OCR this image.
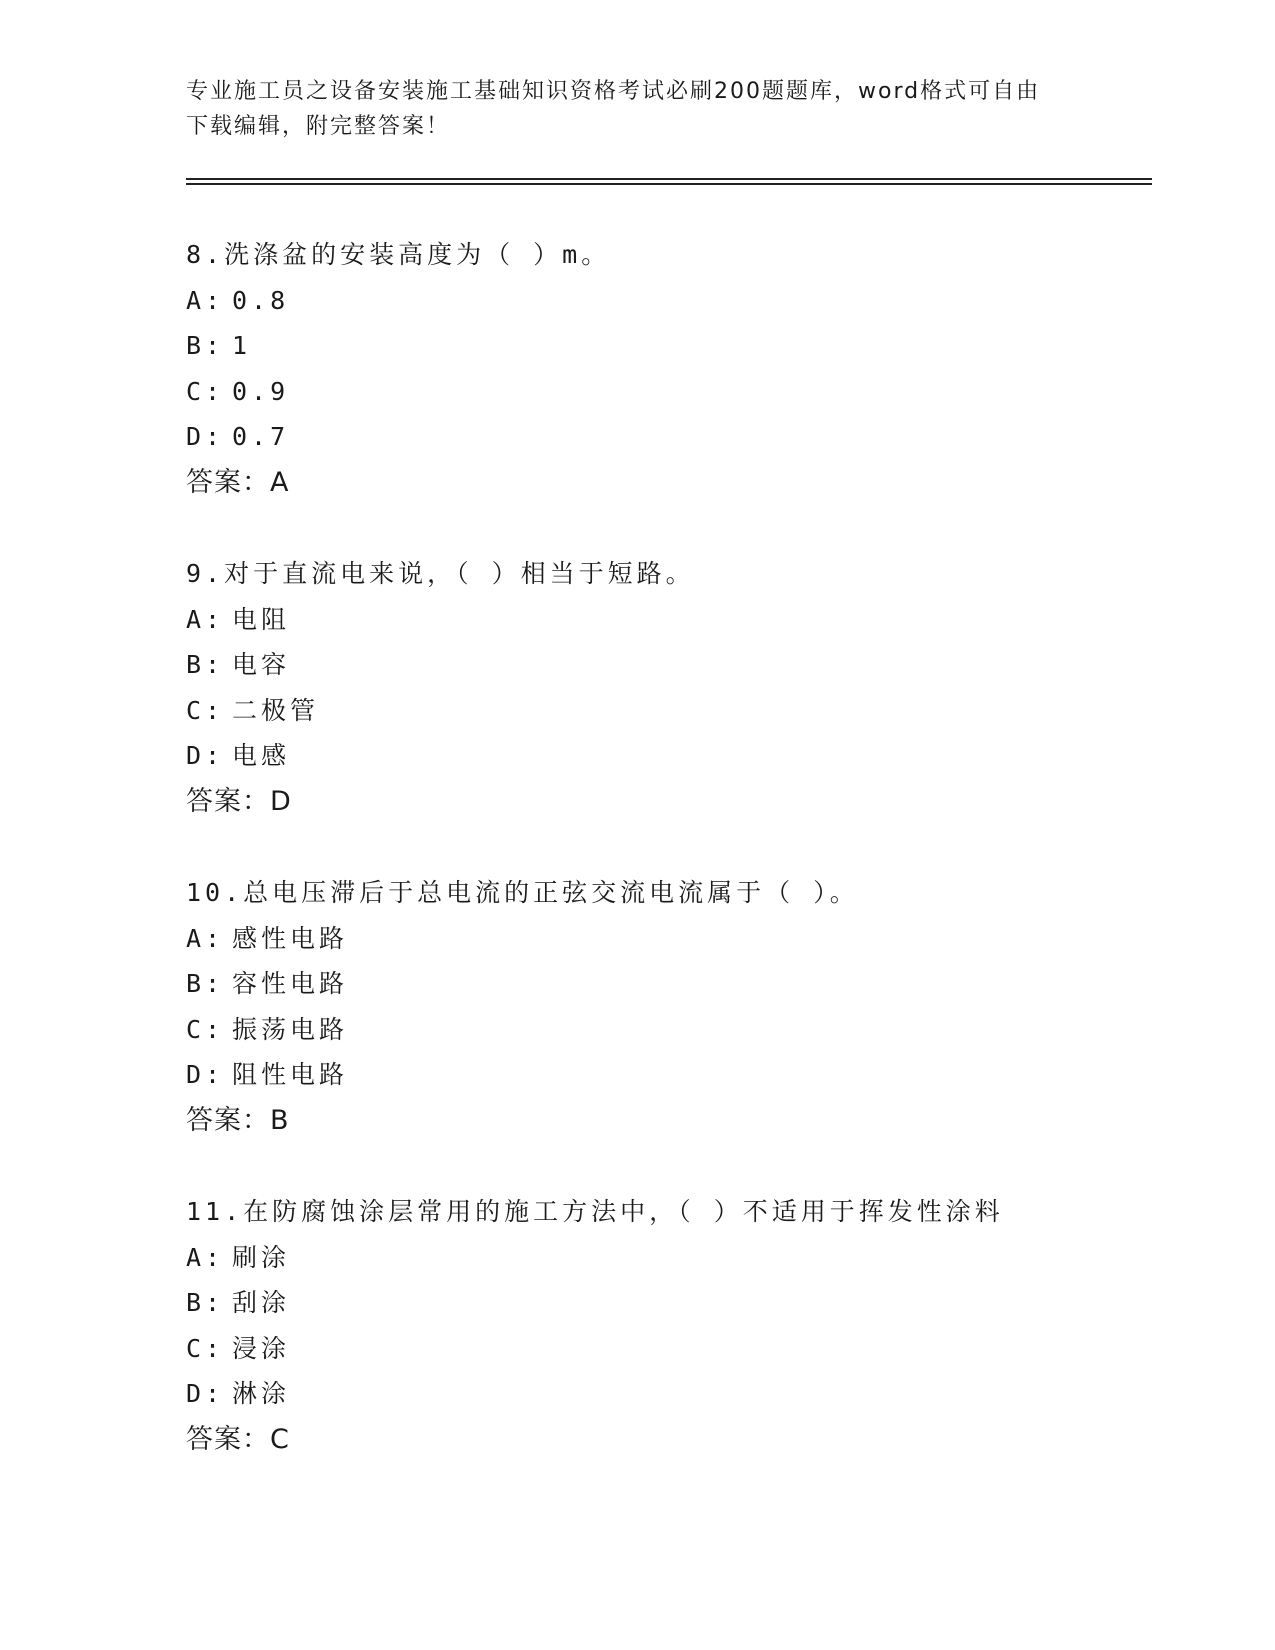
专业施工员之设备安装施工基础知识资格考试必刷200题题库，word格式可自由
下载编辑，附完整答案！
8.洗涤盆的安装高度为（ ）m。
A: 0.8
B: 1
C: 0.9
D: 0.7
答案：A
9.对于直流电来说，（ ）相当于短路。
A: 电阻
B: 电容
C: 二极管
D: 电感
答案：D
10.总电压滞后于总电流的正弦交流电流属于（ ）。
A: 感性电路
B: 容性电路
C: 振荡电路
D: 阻性电路
答案：B
11.在防腐蚀涂层常用的施工方法中，（ ）不适用于挥发性涂料
A: 刷涂
B: 刮涂
C: 浸涂
D: 淋涂
答案：C
